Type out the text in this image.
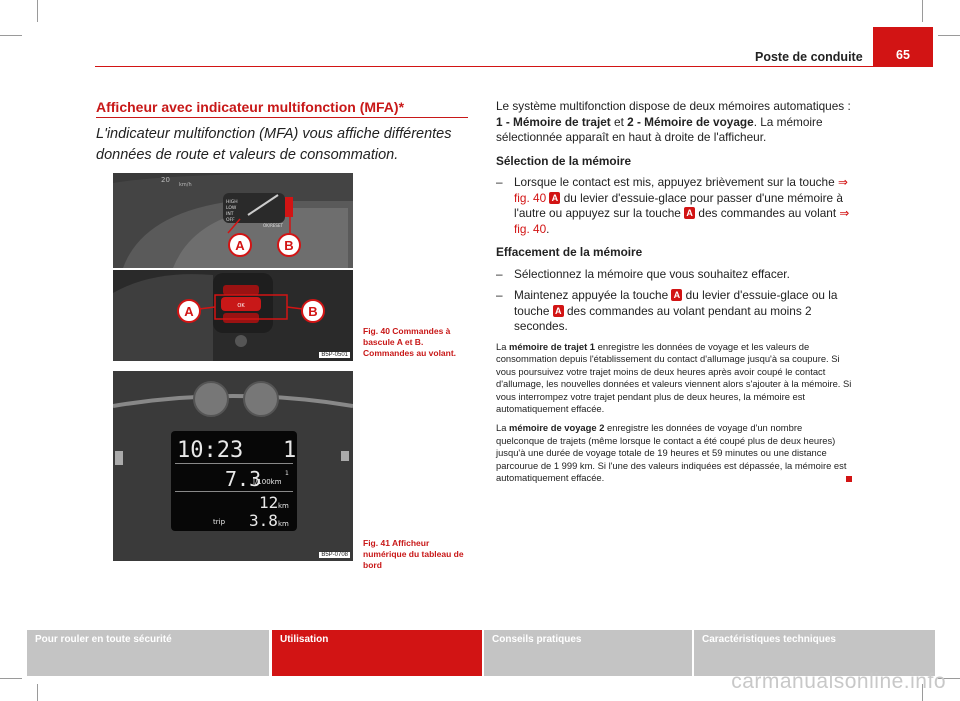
Poste de conduite	65
Afficheur avec indicateur multifonction (MFA)*
L'indicateur multifonction (MFA) vous affiche différentes données de route et valeurs de consommation.
20
km/h
HIGH
LOW
INT
OFF
OK/RESET
A	B
OK
A	B
B5P-0501
Fig. 40 Commandes à bascule A et B. Commandes au volant.
10:23 1
7.3
l/100km
1
12 km
trip 3.8 km
B5P-0708
Fig. 41 Afficheur numérique du tableau de bord

Le système multifonction dispose de deux mémoires automatiques : 1 - Mémoire de trajet et 2 - Mémoire de voyage. La mémoire sélectionnée apparaît en haut à droite de l'afficheur.

Sélection de la mémoire
– Lorsque le contact est mis, appuyez brièvement sur la touche ⇒ fig. 40 A du levier d'essuie-glace pour passer d'une mémoire à l'autre ou appuyez sur la touche A des commandes au volant ⇒ fig. 40.
Effacement de la mémoire
– Sélectionnez la mémoire que vous souhaitez effacer.
– Maintenez appuyée la touche A du levier d'essuie-glace ou la touche A des commandes au volant pendant au moins 2 secondes.

La mémoire de trajet 1 enregistre les données de voyage et les valeurs de consommation depuis l'établissement du contact d'allumage jusqu'à sa coupure. Si vous poursuivez votre trajet moins de deux heures après avoir coupé le contact d'allumage, les nouvelles données et valeurs viennent alors s'ajouter à la mémoire. Si vous interrompez votre trajet pendant plus de deux heures, la mémoire est automatiquement effacée.

La mémoire de voyage 2 enregistre les données de voyage d'un nombre quelconque de trajets (même lorsque le contact a été coupé plus de deux heures) jusqu'à une durée de voyage totale de 19 heures et 59 minutes ou une distance parcourue de 1 999 km. Si l'une des valeurs indiquées est dépassée, la mémoire est automatiquement effacée.

Pour rouler en toute sécurité	Utilisation	Conseils pratiques	Caractéristiques techniques
carmanualsonline.info
